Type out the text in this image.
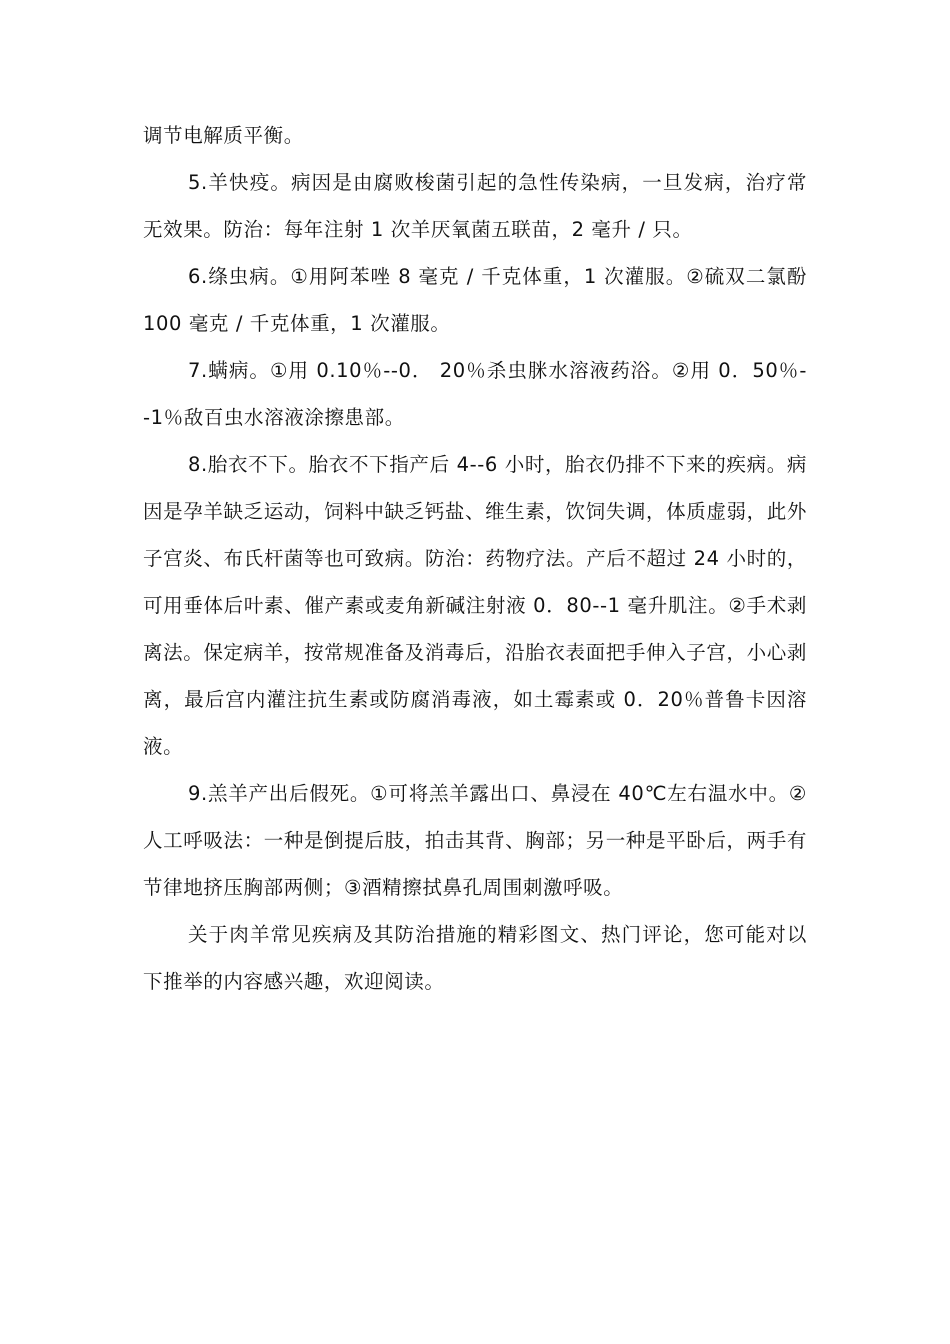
调节电解质平衡。

5.羊快疫。病因是由腐败梭菌引起的急性传染病，一旦发病，治疗常无效果。防治：每年注射 1 次羊厌氧菌五联苗，2 毫升 / 只。

6.绦虫病。①用阿苯唑 8 毫克 / 千克体重，1 次灌服。②硫双二氯酚 100 毫克 / 千克体重，1 次灌服。

7.螨病。①用 0.10％--0． 20％杀虫脒水溶液药浴。②用 0．50％--1％敌百虫水溶液涂擦患部。

8.胎衣不下。胎衣不下指产后 4--6 小时，胎衣仍排不下来的疾病。病因是孕羊缺乏运动，饲料中缺乏钙盐、维生素，饮饲失调，体质虚弱，此外子宫炎、布氏杆菌等也可致病。防治：药物疗法。产后不超过 24 小时的，可用垂体后叶素、催产素或麦角新碱注射液 0．80--1 毫升肌注。②手术剥离法。保定病羊，按常规准备及消毒后，沿胎衣表面把手伸入子宫，小心剥离，最后宫内灌注抗生素或防腐消毒液，如土霉素或 0．20％普鲁卡因溶液。

9.羔羊产出后假死。①可将羔羊露出口、鼻浸在 40℃左右温水中。②人工呼吸法：一种是倒提后肢，拍击其背、胸部；另一种是平卧后，两手有节律地挤压胸部两侧；③酒精擦拭鼻孔周围刺激呼吸。

关于肉羊常见疾病及其防治措施的精彩图文、热门评论，您可能对以下推举的内容感兴趣，欢迎阅读。
